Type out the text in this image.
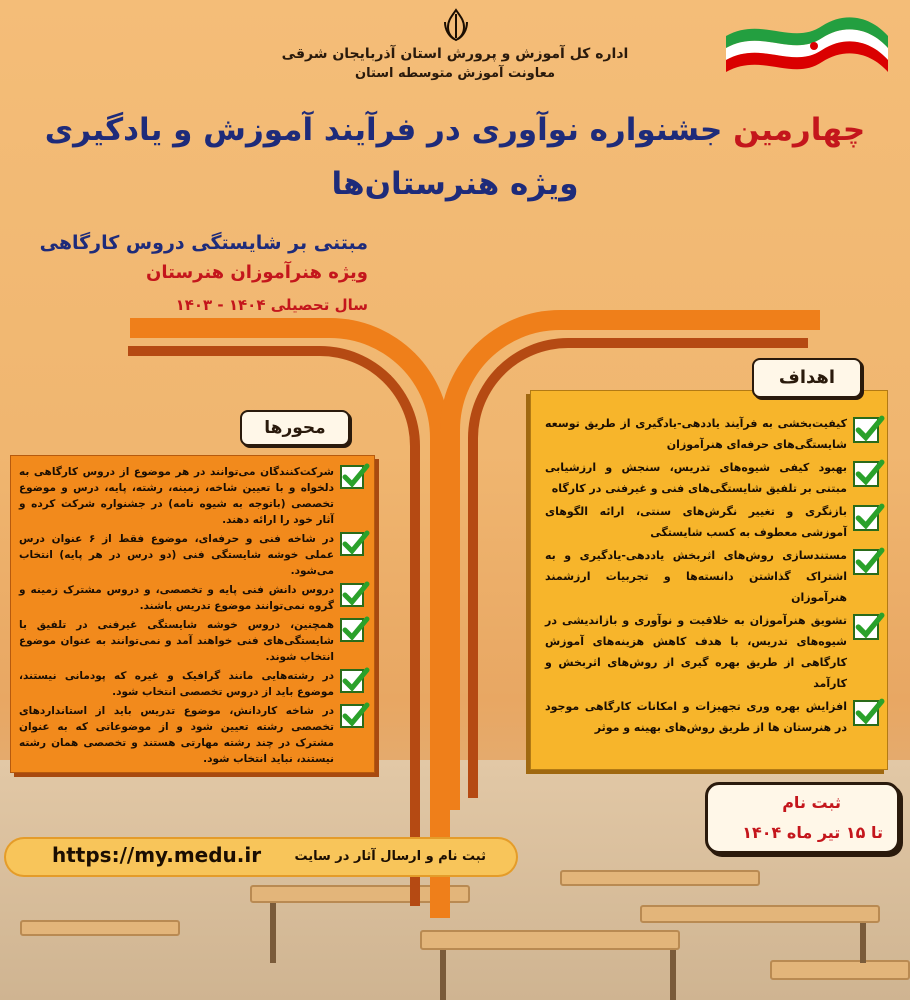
اداره کل آموزش و پرورش استان آذربایجان شرقی
معاونت آموزش متوسطه استان
چهارمین جشنواره نوآوری در فرآیند آموزش و یادگیری
ویژه هنرستان‌ها
مبتنی بر شایستگی دروس کارگاهی
ویژه هنرآموزان هنرستان
سال تحصیلی ۱۴۰۴ - ۱۴۰۳
شرکت‌کنندگان می‌توانند در هر موضوع از دروس کارگاهی به دلخواه و با تعیین شاخه، زمینه، رشته، پایه، درس و موضوع تخصصی (باتوجه به شیوه نامه) در جشنواره شرکت کرده و آثار خود را ارائه دهند.
در شاخه فنی و حرفه‌ای، موضوع فقط از ۶ عنوان درس عملی خوشه شایستگی فنی (دو درس در هر پایه) انتخاب می‌شود.
دروس دانش فنی پایه و تخصصی، و دروس مشترک زمینه و گروه نمی‌توانند موضوع تدریس باشند.
همچنین، دروس خوشه شایستگی غیرفنی در تلفیق با شایستگی‌های فنی خواهند آمد و نمی‌توانند به عنوان موضوع انتخاب شوند.
در رشته‌هایی مانند گرافیک و غیره که پودمانی نیستند، موضوع باید از دروس تخصصی انتخاب شود.
در شاخه کاردانش، موضوع تدریس باید از استانداردهای تخصصی رشته تعیین شود و از موضوعاتی که به عنوان مشترک در چند رشته مهارتی هستند و تخصصی همان رشته نیستند، نباید انتخاب شود.
محورها	کیفیت‌بخشی به فرآیند یاددهی-یادگیری از طریق توسعه شایستگی‌های حرفه‌ای هنرآموزان
بهبود کیفی شیوه‌های تدریس، سنجش و ارزشیابی مبتنی بر تلفیق شایستگی‌های فنی و غیرفنی در کارگاه
بازنگری و تغییر نگرش‌های سنتی، ارائه الگوهای آموزشی معطوف به کسب شایستگی
مستندسازی روش‌های اثربخش یاددهی-یادگیری و به اشتراک گذاشتن دانسته‌ها و تجربیات ارزشمند هنرآموزان
تشویق هنرآموزان به خلاقیت و نوآوری و بازاندیشی در شیوه‌های تدریس، با هدف کاهش هزینه‌های آموزش کارگاهی از طریق بهره گیری از روش‌های اثربخش و کارآمد
افزایش بهره وری تجهیزات و امکانات کارگاهی موجود در هنرستان ها از طریق روش‌های بهینه و موثر
اهداف
ثبت نام
تا ۱۵ تیر ماه ۱۴۰۴
ثبت نام و ارسال آثار در سایت
https://my.medu.ir
